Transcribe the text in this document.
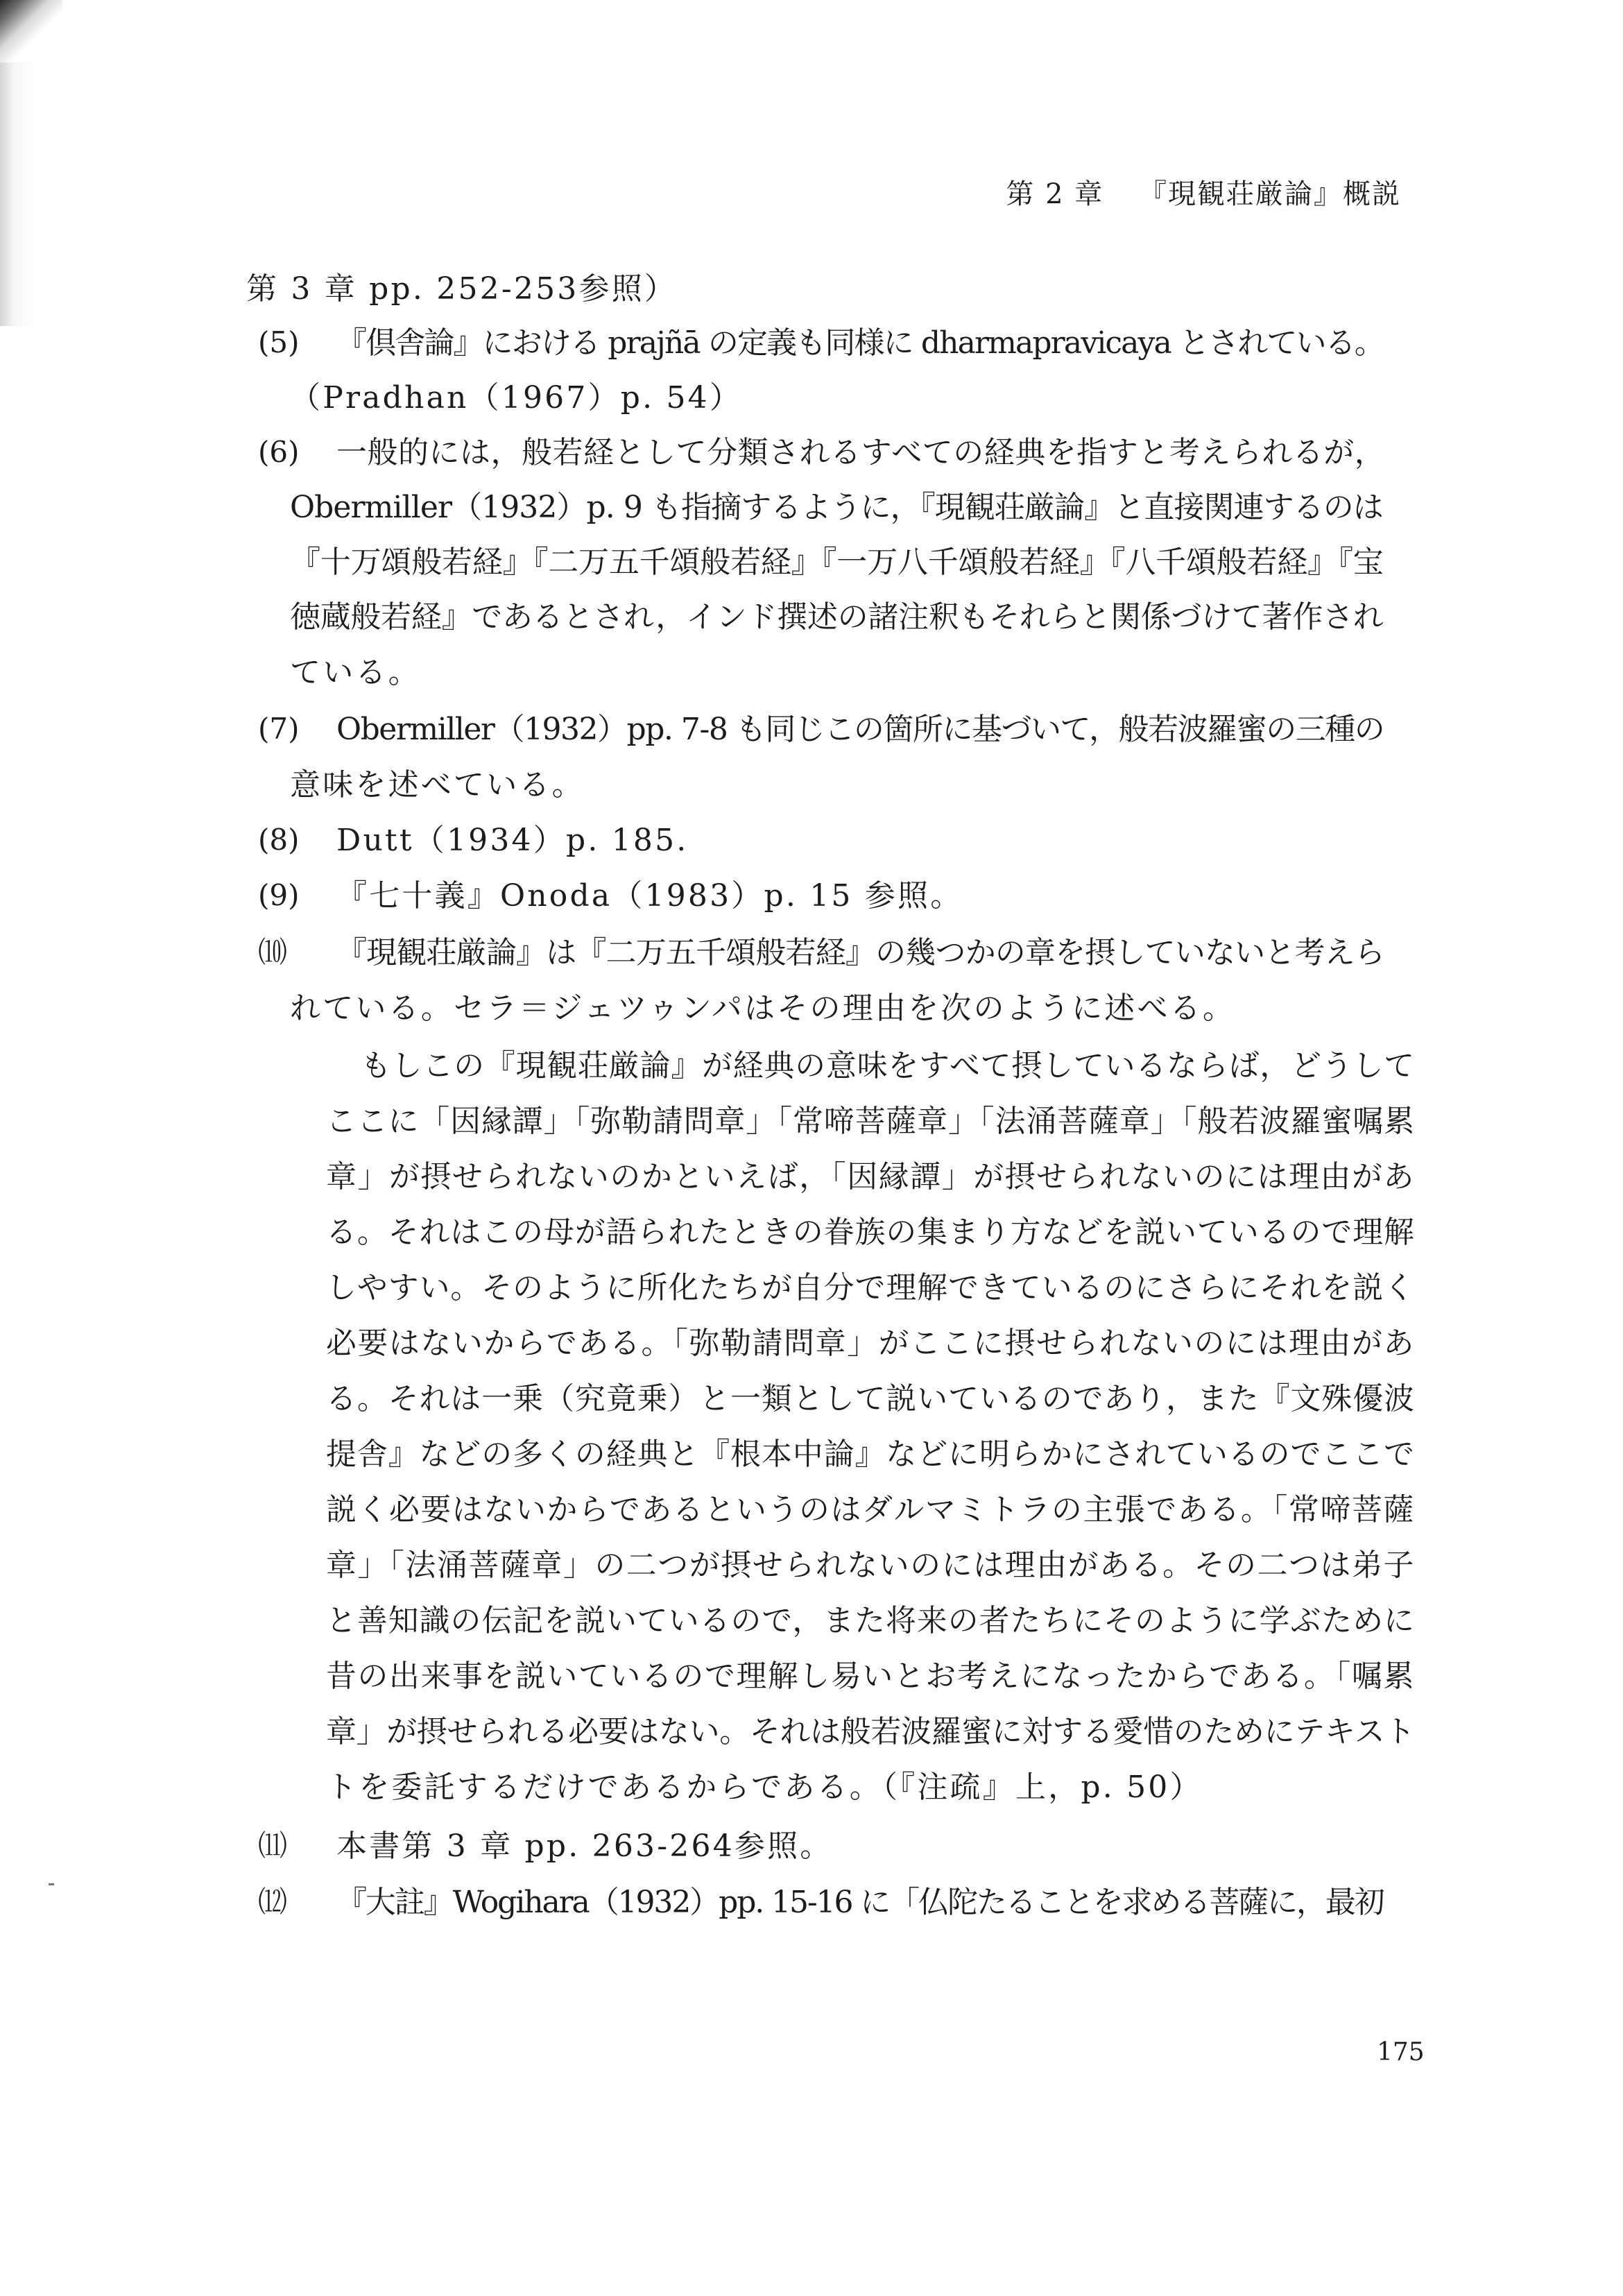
第 2 章 『現観荘厳論』概説
第 3 章 pp. 252-253参照）
(5) 『倶舎論』における prajñā の定義も同様に dharmapravicaya とされている。
（Pradhan（1967）p. 54）
(6) 一般的には，般若経として分類されるすべての経典を指すと考えられるが，
Obermiller（1932）p. 9 も指摘するように，『現観荘厳論』と直接関連するのは
『十万頌般若経』『二万五千頌般若経』『一万八千頌般若経』『八千頌般若経』『宝
徳蔵般若経』であるとされ，インド撰述の諸注釈もそれらと関係づけて著作され
ている。
(7) Obermiller（1932）pp. 7-8 も同じこの箇所に基づいて，般若波羅蜜の三種の
意味を述べている。
(8) Dutt（1934）p. 185.
(9) 『七十義』Onoda（1983）p. 15 参照。
⑽ 『現観荘厳論』は『二万五千頌般若経』の幾つかの章を摂していないと考えら
れている。セラ＝ジェツゥンパはその理由を次のように述べる。
もしこの『現観荘厳論』が経典の意味をすべて摂しているならば，どうして
ここに「因縁譚」「弥勒請問章」「常啼菩薩章」「法涌菩薩章」「般若波羅蜜嘱累
章」が摂せられないのかといえば，「因縁譚」が摂せられないのには理由があ
る。それはこの母が語られたときの眷族の集まり方などを説いているので理解
しやすい。そのように所化たちが自分で理解できているのにさらにそれを説く
必要はないからである。「弥勒請問章」がここに摂せられないのには理由があ
る。それは一乗（究竟乗）と一類として説いているのであり，また『文殊優波
提舎』などの多くの経典と『根本中論』などに明らかにされているのでここで
説く必要はないからであるというのはダルマミトラの主張である。「常啼菩薩
章」「法涌菩薩章」の二つが摂せられないのには理由がある。その二つは弟子
と善知識の伝記を説いているので，また将来の者たちにそのように学ぶために
昔の出来事を説いているので理解し易いとお考えになったからである。「嘱累
章」が摂せられる必要はない。それは般若波羅蜜に対する愛惜のためにテキスト
トを委託するだけであるからである。（『注疏』上，p. 50）
⑾ 本書第 3 章 pp. 263-264参照。
⑿ 『大註』Wogihara（1932）pp. 15-16 に「仏陀たることを求める菩薩に，最初
175
